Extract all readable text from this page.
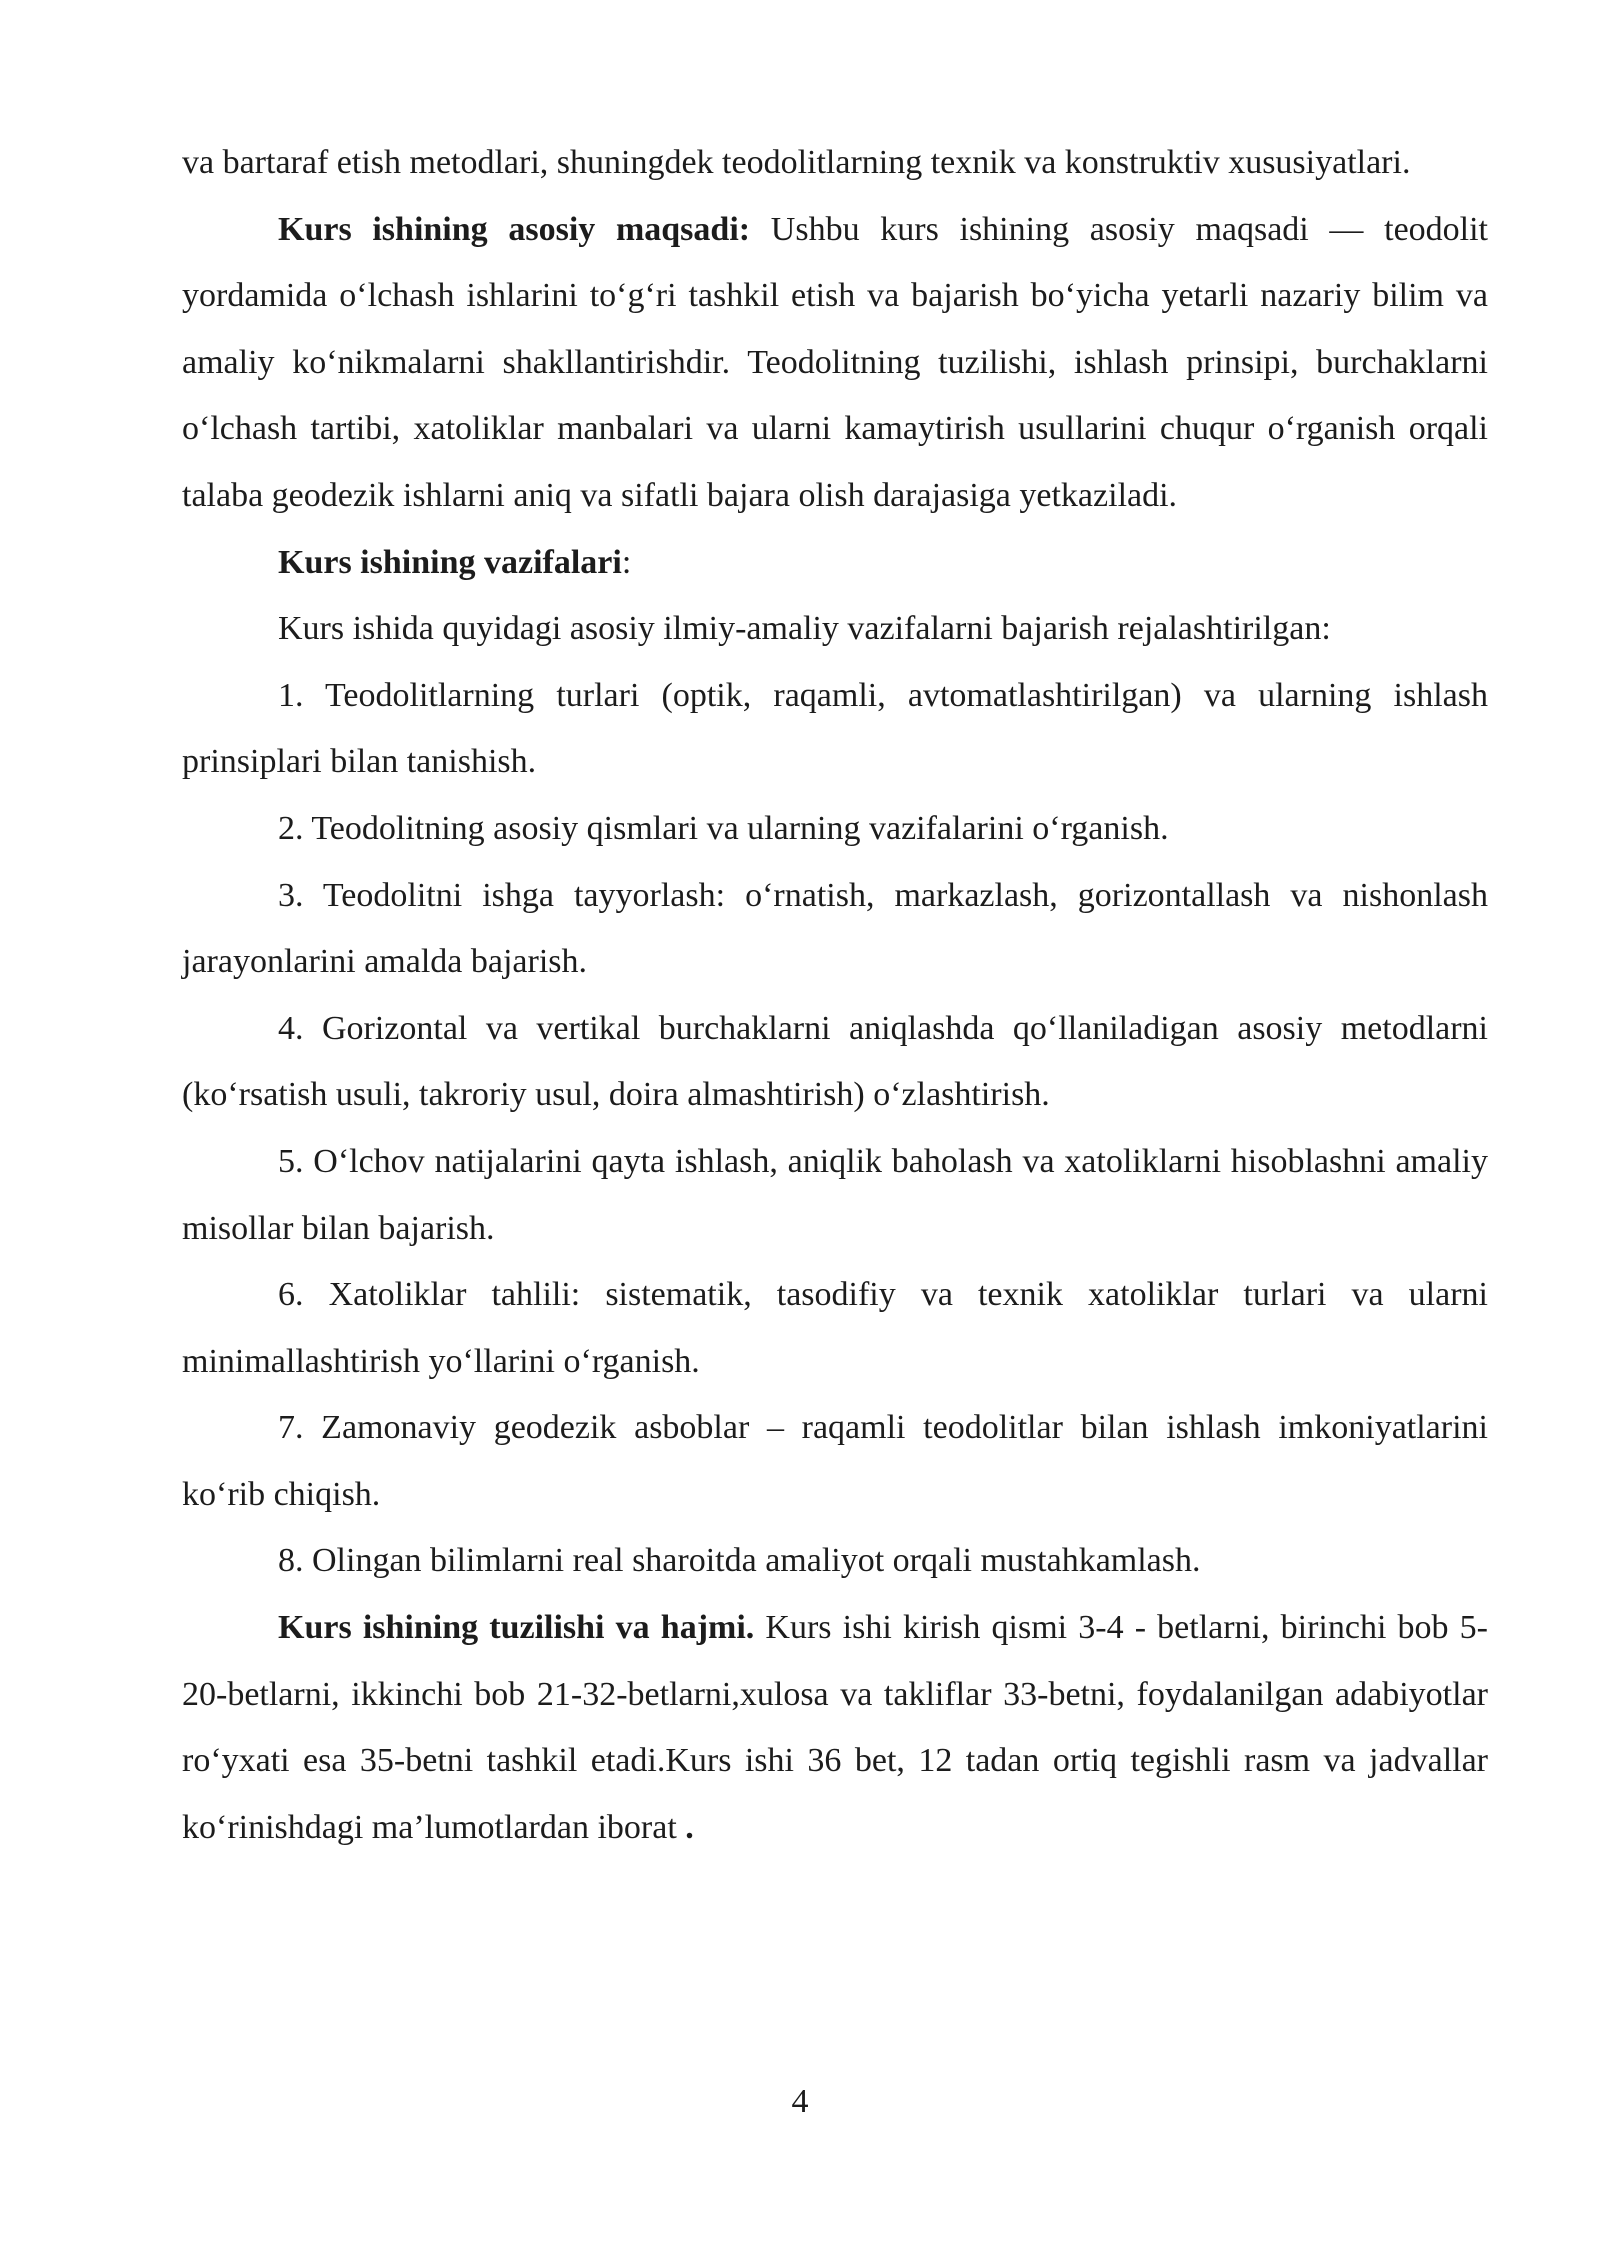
va bartaraf etish metodlari, shuningdek teodolitlarning texnik va konstruktiv xususiyatlari.

Kurs ishining asosiy maqsadi: Ushbu kurs ishining asosiy maqsadi — teodolit yordamida o‘lchash ishlarini to‘g‘ri tashkil etish va bajarish bo‘yicha yetarli nazariy bilim va amaliy ko‘nikmalarni shakllantirishdir. Teodolitning tuzilishi, ishlash prinsipi, burchaklarni o‘lchash tartibi, xatoliklar manbalari va ularni kamaytirish usullarini chuqur o‘rganish orqali talaba geodezik ishlarni aniq va sifatli bajara olish darajasiga yetkaziladi.

Kurs ishining vazifalari:

Kurs ishida quyidagi asosiy ilmiy-amaliy vazifalarni bajarish rejalashtirilgan:

1. Teodolitlarning turlari (optik, raqamli, avtomatlashtirilgan) va ularning ishlash prinsiplari bilan tanishish.

2. Teodolitning asosiy qismlari va ularning vazifalarini o‘rganish.

3. Teodolitni ishga tayyorlash: o‘rnatish, markazlash, gorizontallash va nishonlash jarayonlarini amalda bajarish.

4. Gorizontal va vertikal burchaklarni aniqlashda qo‘llaniladigan asosiy metodlarni (ko‘rsatish usuli, takroriy usul, doira almashtirish) o‘zlashtirish.

5. O‘lchov natijalarini qayta ishlash, aniqlik baholash va xatoliklarni hisoblashni amaliy misollar bilan bajarish.

6. Xatoliklar tahlili: sistematik, tasodifiy va texnik xatoliklar turlari va ularni minimallashtirish yo‘llarini o‘rganish.

7. Zamonaviy geodezik asboblar – raqamli teodolitlar bilan ishlash imkoniyatlarini ko‘rib chiqish.

8. Olingan bilimlarni real sharoitda amaliyot orqali mustahkamlash.

Kurs ishining tuzilishi va hajmi. Kurs ishi kirish qismi 3-4 - betlarni, birinchi bob 5-20-betlarni, ikkinchi bob 21-32-betlarni,xulosa va takliflar 33-betni, foydalanilgan adabiyotlar ro‘yxati esa 35-betni tashkil etadi.Kurs ishi 36 bet, 12 tadan ortiq tegishli rasm va jadvallar ko‘rinishdagi ma’lumotlardan iborat .

4
